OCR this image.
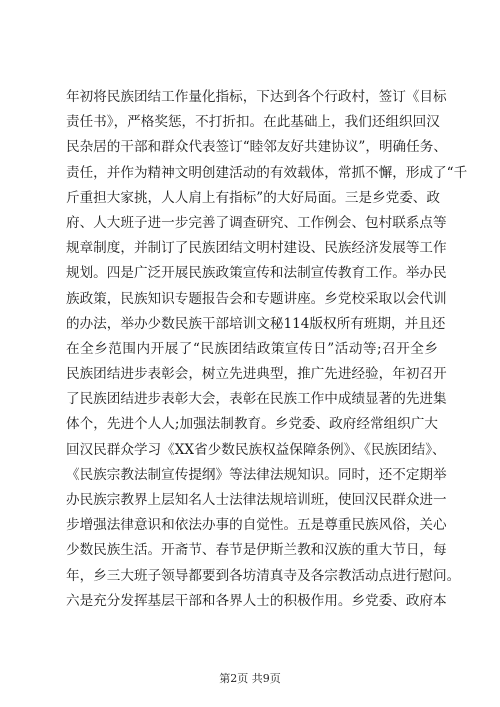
年初将民族团结工作量化指标，下达到各个行政村，签订《目标
责任书》，严格奖惩，不打折扣。在此基础上，我们还组织回汉
民杂居的干部和群众代表签订“睦邻友好共建协议”，明确任务、
责任，并作为精神文明创建活动的有效载体，常抓不懈，形成了“千
斤重担大家挑，人人肩上有指标”的大好局面。三是乡党委、政
府、人大班子进一步完善了调查研究、工作例会、包村联系点等
规章制度，并制订了民族团结文明村建设、民族经济发展等工作
规划。四是广泛开展民族政策宣传和法制宣传教育工作。举办民
族政策，民族知识专题报告会和专题讲座。乡党校采取以会代训
的办法，举办少数民族干部培训文秘114版权所有班期，并且还
在全乡范围内开展了“民族团结政策宣传日”活动等;召开全乡
民族团结进步表彰会，树立先进典型，推广先进经验，年初召开
了民族团结进步表彰大会，表彰在民族工作中成绩显著的先进集
体个，先进个人人;加强法制教育。乡党委、政府经常组织广大
回汉民群众学习《XX省少数民族权益保障条例》、《民族团结》、
《民族宗教法制宣传提纲》等法律法规知识。同时，还不定期举
办民族宗教界上层知名人士法律法规培训班，使回汉民群众进一
步增强法律意识和依法办事的自觉性。五是尊重民族风俗，关心
少数民族生活。开斋节、春节是伊斯兰教和汉族的重大节日，每
年，乡三大班子领导都要到各坊清真寺及各宗教活动点进行慰问。
六是充分发挥基层干部和各界人士的积极作用。乡党委、政府本
第2页 共9页
